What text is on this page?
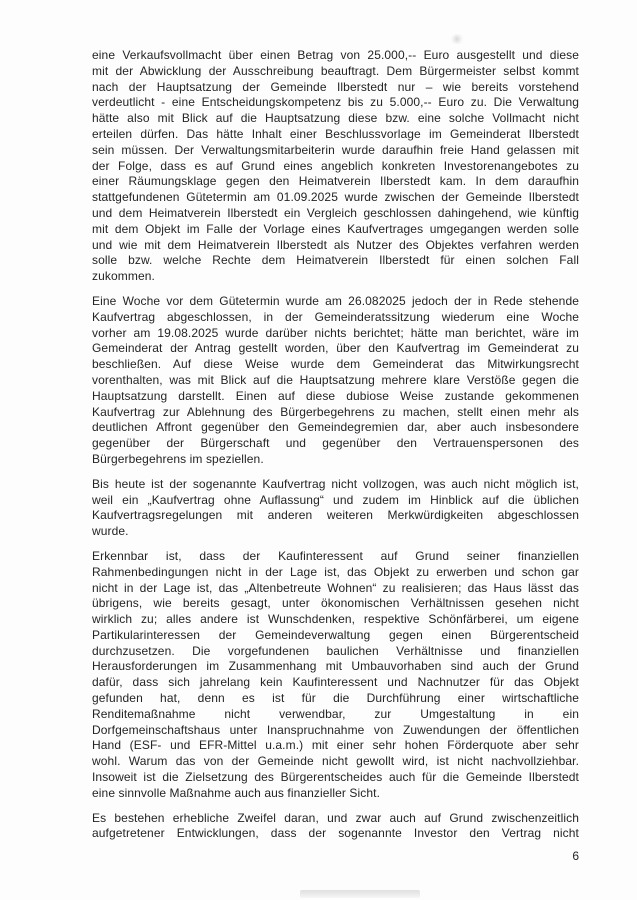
eine Verkaufsvollmacht über einen Betrag von 25.000,-- Euro ausgestellt und diese
mit der Abwicklung der Ausschreibung beauftragt. Dem Bürgermeister selbst kommt
nach der Hauptsatzung der Gemeinde Ilberstedt nur – wie bereits vorstehend
verdeutlicht - eine Entscheidungskompetenz bis zu 5.000,-- Euro zu. Die Verwaltung
hätte also mit Blick auf die Hauptsatzung diese bzw. eine solche Vollmacht nicht
erteilen dürfen. Das hätte Inhalt einer Beschlussvorlage im Gemeinderat Ilberstedt
sein müssen. Der Verwaltungsmitarbeiterin wurde daraufhin freie Hand gelassen mit
der Folge, dass es auf Grund eines angeblich konkreten Investorenangebotes zu
einer Räumungsklage gegen den Heimatverein Ilberstedt kam. In dem daraufhin
stattgefundenen Gütetermin am 01.09.2025 wurde zwischen der Gemeinde Ilberstedt
und dem Heimatverein Ilberstedt ein Vergleich geschlossen dahingehend, wie künftig
mit dem Objekt im Falle der Vorlage eines Kaufvertrages umgegangen werden solle
und wie mit dem Heimatverein Ilberstedt als Nutzer des Objektes verfahren werden
solle bzw. welche Rechte dem Heimatverein Ilberstedt für einen solchen Fall
zukommen.

Eine Woche vor dem Gütetermin wurde am 26.082025 jedoch der in Rede stehende
Kaufvertrag abgeschlossen, in der Gemeinderatssitzung wiederum eine Woche
vorher am 19.08.2025 wurde darüber nichts berichtet; hätte man berichtet, wäre im
Gemeinderat der Antrag gestellt worden, über den Kaufvertrag im Gemeinderat zu
beschließen. Auf diese Weise wurde dem Gemeinderat das Mitwirkungsrecht
vorenthalten, was mit Blick auf die Hauptsatzung mehrere klare Verstöße gegen die
Hauptsatzung darstellt. Einen auf diese dubiose Weise zustande gekommenen
Kaufvertrag zur Ablehnung des Bürgerbegehrens zu machen, stellt einen mehr als
deutlichen Affront gegenüber den Gemeindegremien dar, aber auch insbesondere
gegenüber der Bürgerschaft und gegenüber den Vertrauenspersonen des
Bürgerbegehrens im speziellen.

Bis heute ist der sogenannte Kaufvertrag nicht vollzogen, was auch nicht möglich ist,
weil ein „Kaufvertrag ohne Auflassung“ und zudem im Hinblick auf die üblichen
Kaufvertragsregelungen mit anderen weiteren Merkwürdigkeiten abgeschlossen
wurde.

Erkennbar ist, dass der Kaufinteressent auf Grund seiner finanziellen
Rahmenbedingungen nicht in der Lage ist, das Objekt zu erwerben und schon gar
nicht in der Lage ist, das „Altenbetreute Wohnen“ zu realisieren; das Haus lässt das
übrigens, wie bereits gesagt, unter ökonomischen Verhältnissen gesehen nicht
wirklich zu; alles andere ist Wunschdenken, respektive Schönfärberei, um eigene
Partikularinteressen der Gemeindeverwaltung gegen einen Bürgerentscheid
durchzusetzen. Die vorgefundenen baulichen Verhältnisse und finanziellen
Herausforderungen im Zusammenhang mit Umbauvorhaben sind auch der Grund
dafür, dass sich jahrelang kein Kaufinteressent und Nachnutzer für das Objekt
gefunden hat, denn es ist für die Durchführung einer wirtschaftliche
Renditemaßnahme nicht verwendbar, zur Umgestaltung in ein
Dorfgemeinschaftshaus unter Inanspruchnahme von Zuwendungen der öffentlichen
Hand (ESF- und EFR-Mittel u.a.m.) mit einer sehr hohen Förderquote aber sehr
wohl. Warum das von der Gemeinde nicht gewollt wird, ist nicht nachvollziehbar.
Insoweit ist die Zielsetzung des Bürgerentscheides auch für die Gemeinde Ilberstedt
eine sinnvolle Maßnahme auch aus finanzieller Sicht.

Es bestehen erhebliche Zweifel daran, und zwar auch auf Grund zwischenzeitlich
aufgetretener Entwicklungen, dass der sogenannte Investor den Vertrag nicht

6
